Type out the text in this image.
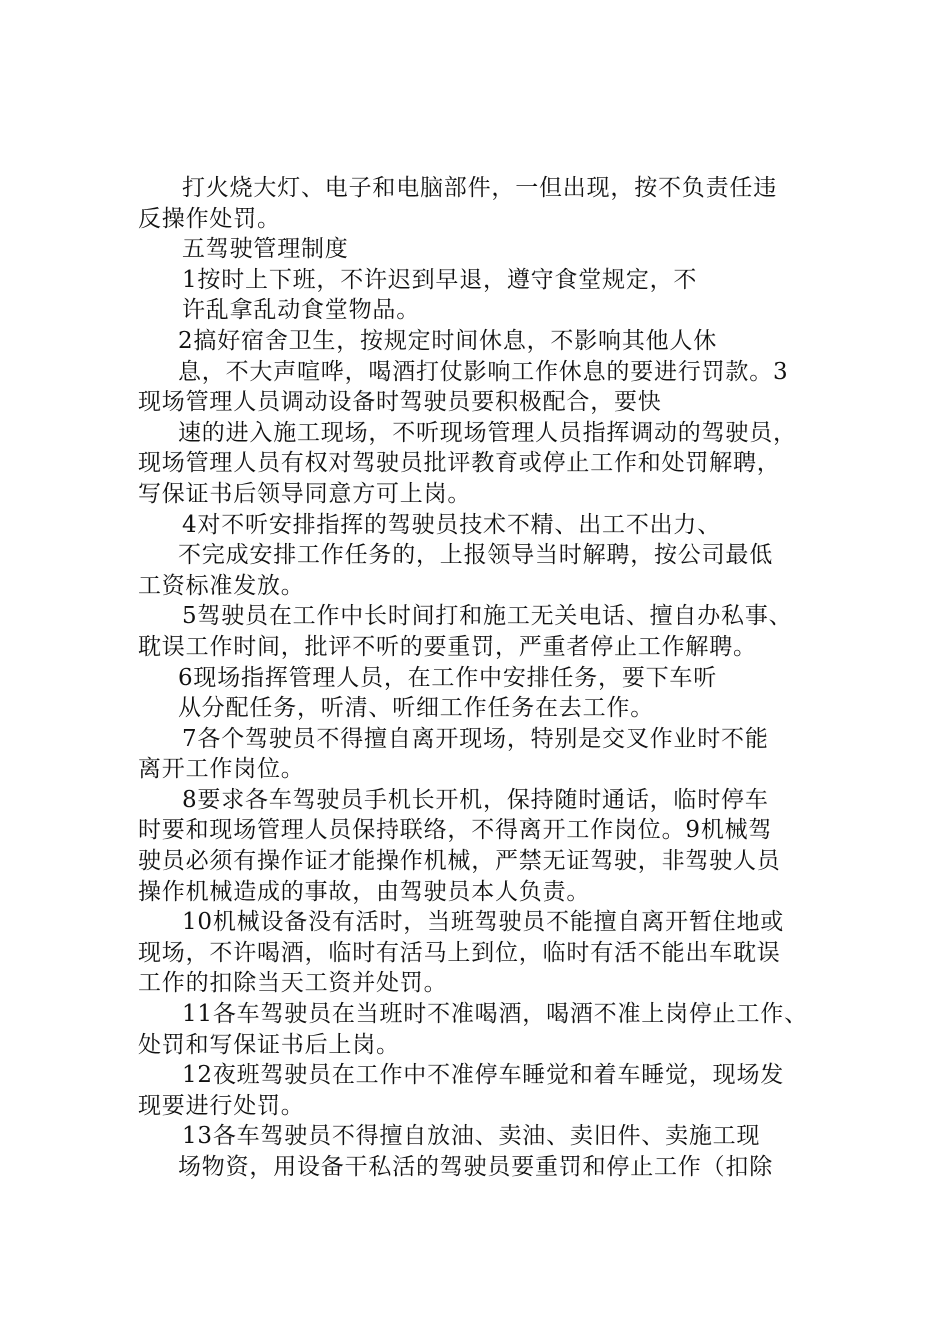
打火烧大灯、电子和电脑部件，一但出现，按不负责任违
反操作处罚。
五驾驶管理制度
1按时上下班，不许迟到早退，遵守食堂规定，不
许乱拿乱动食堂物品。
2搞好宿舍卫生，按规定时间休息，不影响其他人休
息，不大声喧哗，喝酒打仗影响工作休息的要进行罚款。3
现场管理人员调动设备时驾驶员要积极配合，要快
速的进入施工现场，不听现场管理人员指挥调动的驾驶员，
现场管理人员有权对驾驶员批评教育或停止工作和处罚解聘，
写保证书后领导同意方可上岗。
4对不听安排指挥的驾驶员技术不精、出工不出力、
不完成安排工作任务的，上报领导当时解聘，按公司最低
工资标准发放。
5驾驶员在工作中长时间打和施工无关电话、擅自办私事、
耽误工作时间，批评不听的要重罚，严重者停止工作解聘。
6现场指挥管理人员，在工作中安排任务，要下车听
从分配任务，听清、听细工作任务在去工作。
7各个驾驶员不得擅自离开现场，特别是交叉作业时不能
离开工作岗位。
8要求各车驾驶员手机长开机，保持随时通话，临时停车
时要和现场管理人员保持联络，不得离开工作岗位。9机械驾
驶员必须有操作证才能操作机械，严禁无证驾驶，非驾驶人员
操作机械造成的事故，由驾驶员本人负责。
10机械设备没有活时，当班驾驶员不能擅自离开暂住地或
现场，不许喝酒，临时有活马上到位，临时有活不能出车耽误
工作的扣除当天工资并处罚。
11各车驾驶员在当班时不准喝酒，喝酒不准上岗停止工作、
处罚和写保证书后上岗。
12夜班驾驶员在工作中不准停车睡觉和着车睡觉，现场发
现要进行处罚。
13各车驾驶员不得擅自放油、卖油、卖旧件、卖施工现
场物资，用设备干私活的驾驶员要重罚和停止工作（扣除
